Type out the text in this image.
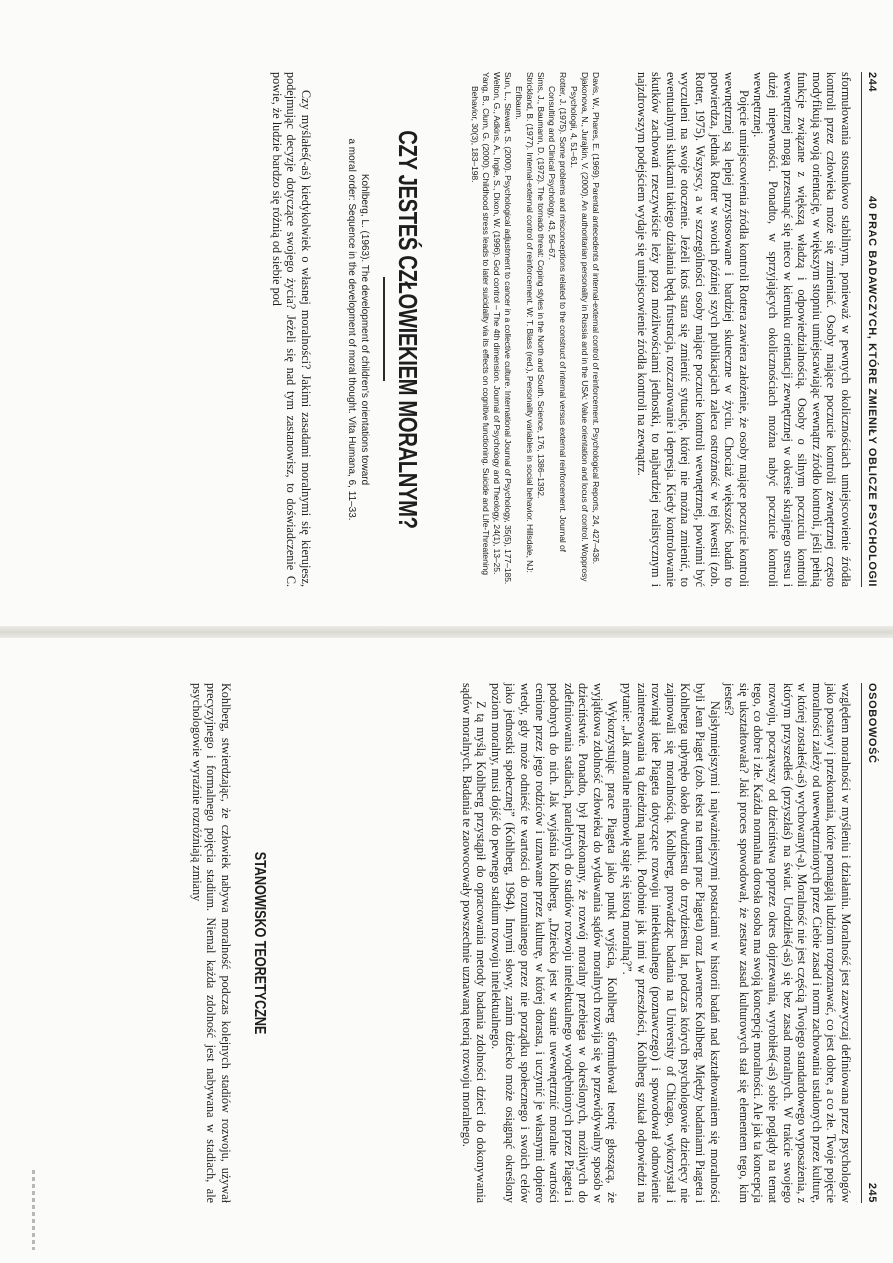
244
40 PRAC BADAWCZYCH, KTÓRE ZMIENIŁY OBLICZE PSYCHOLOGII

sformułowania stosunkowo stabilnym, ponieważ w pewnych okolicznościach umiejscowienie źródła kontroli przez człowieka może się zmieniać. Osoby mające poczucie kontroli zewnętrznej często modyfikują swoją orientację, w większym stopniu umiejscawiając wewnątrz źródło kontroli, jeśli pełnią funkcje związane z większą władzą i odpowiedzialnością. Osoby o silnym poczuciu kontroli wewnętrznej mogą przesunąć się nieco w kierunku orientacji zewnętrznej w okresie skrajnego stresu i dużej niepewności. Ponadto, w sprzyjających okolicznościach można nabyć poczucie kontroli wewnętrznej.

Pojęcie umiejscowienia źródła kontroli Rottera zawiera założenie, że osoby mające poczucie kontroli wewnętrznej są lepiej przystosowane i bardziej skuteczne w życiu. Chociaż większość badań to potwierdza, jednak Rotter w swoich później szych publikacjach zaleca ostrożność w tej kwestii (zob. Rotter, 1975). Wszyscy, a w szczególności osoby mające poczucie kontroli wewnętrznej, powinni być wyczuleni na swoje otoczenie. Jeżeli ktoś stara się zmienić sytuację, której nie można zmienić, to ewentualnymi skutkami takiego działania będą frustracja, rozczarowanie i depresja. Kiedy kontrolowanie skutków zachowań rzeczywiście leży poza możliwościami jednostki, to najbardziej realistycznym i najzdrowszym podejściem wydaje się umiejscowienie źródła kontroli na zewnątrz.

Davis, W., Phares, E. (1969). Parental antecedents of internal-external control of reinforcement. Psychological Reports, 24, 427–436.

Djakonova, N., Jurajkin, V. (2000). An authoritarian personality in Russia and in the USA: Value orientation and locus of control. Wopprosy Psychologii, 4, 51–61.

Rotter, J. (1975). Some problems and misconceptions related to the construct of internal versus external reinforcement. Journal of Consulting and Clinical Psychology, 43, 56–67.

Sims, J., Baumann, D. (1972). The tornado threat: Coping styles in the North and South. Science, 176, 1386–1392.

Strickland, B. (1977). Internal-external control of reinforcement. W: T. Blass (red.), Personality variables in social behavior. Hillsdale, NJ: Erlbaum.

Sun, L., Stewart, S. (2000). Psychological adjustment to cancer in a collective culture. International Journal of Psychology, 35(5), 177–185.

Welton, G., Adkins, A., Ingle, S., Dixon, W. (1996). God control – The 4th dimension. Journal of Psychology and Theology, 24(1), 13–25.

Yang, B., Clum, G. (2000). Childhood stress leads to later suicidality via its effects on cognitive functioning. Suicide and Life-Threatening Behavior, 30(3), 183–198.

CZY JESTEŚ CZŁOWIEKIEM MORALNYM?
Kohlberg, L. (1963). The development of children's orientations toward
a moral order: Sequence in the development of moral thought. Vita Humana, 6, 11–33.

Czy myślałeś(-aś) kiedykolwiek o własnej moralności? Jakimi zasadami moralnymi się kierujesz, podejmując decyzje dotyczące swojego życia? Jeżeli się nad tym zastanowisz, to doświadczenie C. powie, że ludzie bardzo się różnią od siebie pod

OSOBOWOŚĆ
245

względem moralności w myśleniu i działaniu. Moralność jest zazwyczaj definiowana przez psychologów jako postawy i przekonania, które pomagają ludziom rozpoznawać, co jest dobre, a co złe. Twoje pojęcie moralności zależy od uwewnętrznionych przez Ciebie zasad i norm zachowania ustalonych przez kulturę, w której zostałeś(-aś) wychowany(-a). Moralność nie jest częścią Twojego standardowego wyposażenia, z którym przyszedłeś (przyszłaś) na świat. Urodziłeś(-aś) się bez zasad moralnych. W trakcie swojego rozwoju, począwszy od dzieciństwa poprzez okres dojrzewania, wyrobiłeś(-aś) sobie poglądy na temat tego, co dobre i złe. Każda normalna dorosła osoba ma swoją koncepcję moralności. Ale jak ta koncepcja się ukształtowała? Jaki proces spowodował, że zestaw zasad kulturowych stał się elementem tego, kim jesteś?

Najsłynniejszymi i najważniejszymi postaciami w historii badań nad kształtowaniem się moralności byli Jean Piaget (zob. tekst na temat prac Piageta) oraz Lawrence Kohlberg. Między badaniami Piageta i Kohlberga upłynęło około dwudziestu do trzydziestu lat, podczas których psychologowie dziecięcy nie zajmowali się moralnością. Kohlberg, prowadząc badania na University of Chicago, wykorzystał i rozwinął idee Piageta dotyczące rozwoju intelektualnego (poznawczego) i spowodował odnowienie zainteresowania tą dziedziną nauki. Podobnie jak inni w przeszłości, Kohlberg szukał odpowiedzi na pytanie: „Jak amoralne niemowlę staje się istotą moralną?”.

Wykorzystując prace Piageta jako punkt wyjścia, Kohlberg sformułował teorię głoszącą, że wyjątkowa zdolność człowieka do wydawania sądów moralnych rozwija się w przewidywalny sposób w dzieciństwie. Ponadto, był przekonany, że rozwój moralny przebiega w określonych, możliwych do zdefiniowania stadiach, paralelnych do stadiów rozwoju intelektualnego wyodrębnionych przez Piageta i podobnych do nich. Jak wyjaśnia Kohlberg, „Dziecko jest w stanie uwewnętrznić moralne wartości cenione przez jego rodziców i uznawane przez kulturę, w której dorasta, i uczynić je własnymi dopiero wtedy, gdy może odnieść te wartości do rozumianego przez nie porządku społecznego i swoich celów jako jednostki społecznej” (Kohlberg, 1964). Innymi słowy, zanim dziecko może osiągnąć określony poziom moralny, musi dojść do pewnego stadium rozwoju intelektualnego.

Z tą myślą Kohlberg przystąpił do opracowania metody badania zdolności dzieci do dokonywania sądów moralnych. Badania te zaowocowały powszechnie uznawaną teorią rozwoju moralnego.

STANOWISKO TEORETYCZNE

Kohlberg, stwierdzając, że człowiek nabywa moralność podczas kolejnych stadiów rozwoju, używał precyzyjnego i formalnego pojęcia stadium. Niemal każda zdolność jest nabywana w stadiach, ale psychologowie wyraźnie rozróżniają zmiany
